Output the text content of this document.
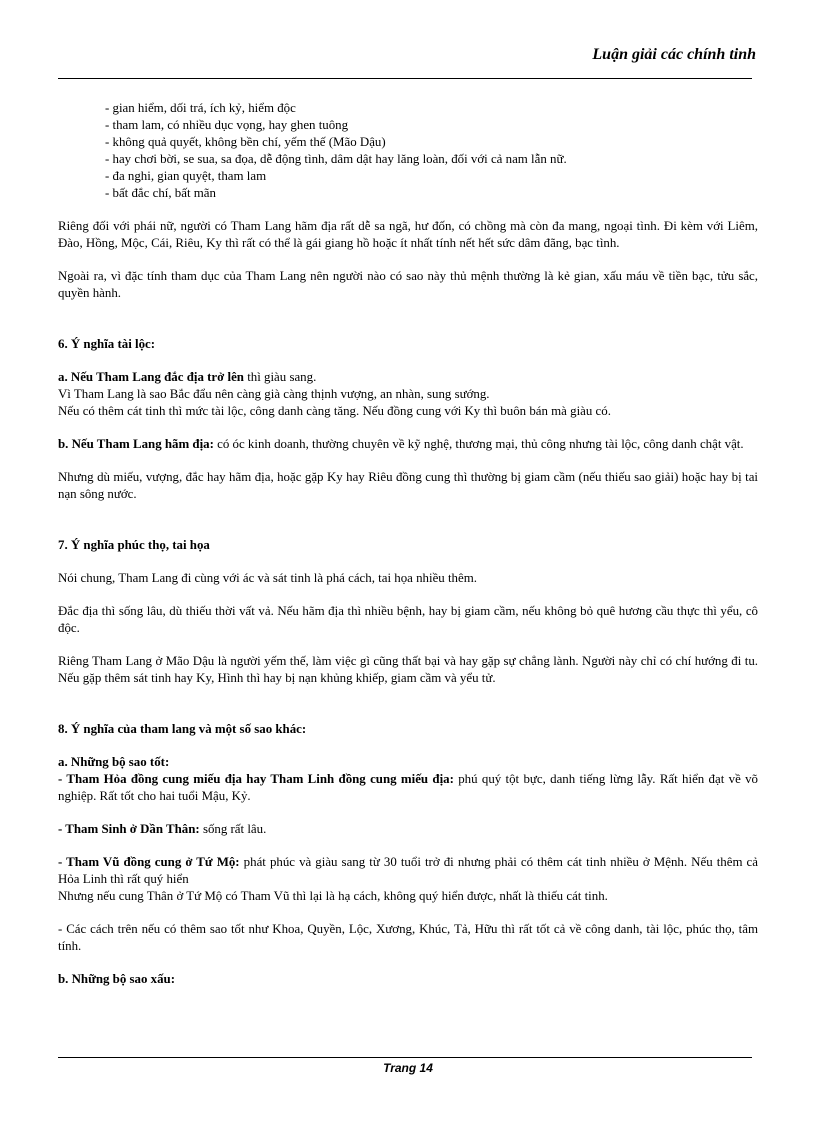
Luận giải các chính tinh
- gian hiểm, dối trá, ích kỷ, hiểm độc
- tham lam, có nhiều dục vọng, hay ghen tuông
- không quả quyết, không bền chí, yếm thế (Mão Dậu)
- hay chơi bời, se sua, sa đọa, dễ động tình, dâm dật hay lăng loàn, đối với cả nam lẫn nữ.
- đa nghi, gian quyệt, tham lam
- bất đắc chí, bất mãn

Riêng đối với phái nữ, người có Tham Lang hãm địa rất dễ sa ngã, hư đốn, có chồng mà còn đa mang, ngoại tình. Đi kèm với Liêm, Đào, Hồng, Mộc, Cái, Riêu, Ky thì rất có thể là gái giang hồ hoặc ít nhất tính nết hết sức dâm đãng, bạc tình.

Ngoài ra, vì đặc tính tham dục của Tham Lang nên người nào có sao này thủ mệnh thường là kẻ gian, xấu máu về tiền bạc, tửu sắc, quyền hành.

6. Ý nghĩa tài lộc:

a. Nếu Tham Lang đắc địa trở lên thì giàu sang.
Vì Tham Lang là sao Bắc đẩu nên càng già càng thịnh vượng, an nhàn, sung sướng.
Nếu có thêm cát tinh thì mức tài lộc, công danh càng tăng. Nếu đồng cung với Ky thì buôn bán mà giàu có.

b. Nếu Tham Lang hãm địa: có óc kinh doanh, thường chuyên về kỹ nghệ, thương mại, thủ công nhưng tài lộc, công danh chật vật.

Nhưng dù miếu, vượng, đắc hay hãm địa, hoặc gặp Ky hay Riêu đồng cung thì thường bị giam cầm (nếu thiếu sao giải) hoặc hay bị tai nạn sông nước.

7. Ý nghĩa phúc thọ, tai họa

Nói chung, Tham Lang đi cùng với ác và sát tinh là phá cách, tai họa nhiều thêm.

Đắc địa thì sống lâu, dù thiếu thời vất vả. Nếu hãm địa thì nhiều bệnh, hay bị giam cầm, nếu không bỏ quê hương cầu thực thì yểu, cô độc.

Riêng Tham Lang ở Mão Dậu là người yếm thế, làm việc gì cũng thất bại và hay gặp sự chẳng lành. Người này chỉ có chí hướng đi tu. Nếu gặp thêm sát tinh hay Ky, Hình thì hay bị nạn khủng khiếp, giam cầm và yểu tử.

8. Ý nghĩa của tham lang và một số sao khác:

a. Những bộ sao tốt:
- Tham Hỏa đồng cung miếu địa hay Tham Linh đồng cung miếu địa: phú quý tột bực, danh tiếng lừng lẫy. Rất hiển đạt về võ nghiệp. Rất tốt cho hai tuổi Mậu, Kỷ.

- Tham Sinh ở Dần Thân: sống rất lâu.

- Tham Vũ đồng cung ở Tứ Mộ: phát phúc và giàu sang từ 30 tuổi trở đi nhưng phải có thêm cát tinh nhiều ở Mệnh. Nếu thêm cả Hỏa Linh thì rất quý hiển
Nhưng nếu cung Thân ở Tứ Mộ có Tham Vũ thì lại là hạ cách, không quý hiển được, nhất là thiếu cát tinh.

- Các cách trên nếu có thêm sao tốt như Khoa, Quyền, Lộc, Xương, Khúc, Tả, Hữu thì rất tốt cả về công danh, tài lộc, phúc thọ, tâm tính.

b. Những bộ sao xấu:

Trang 14
